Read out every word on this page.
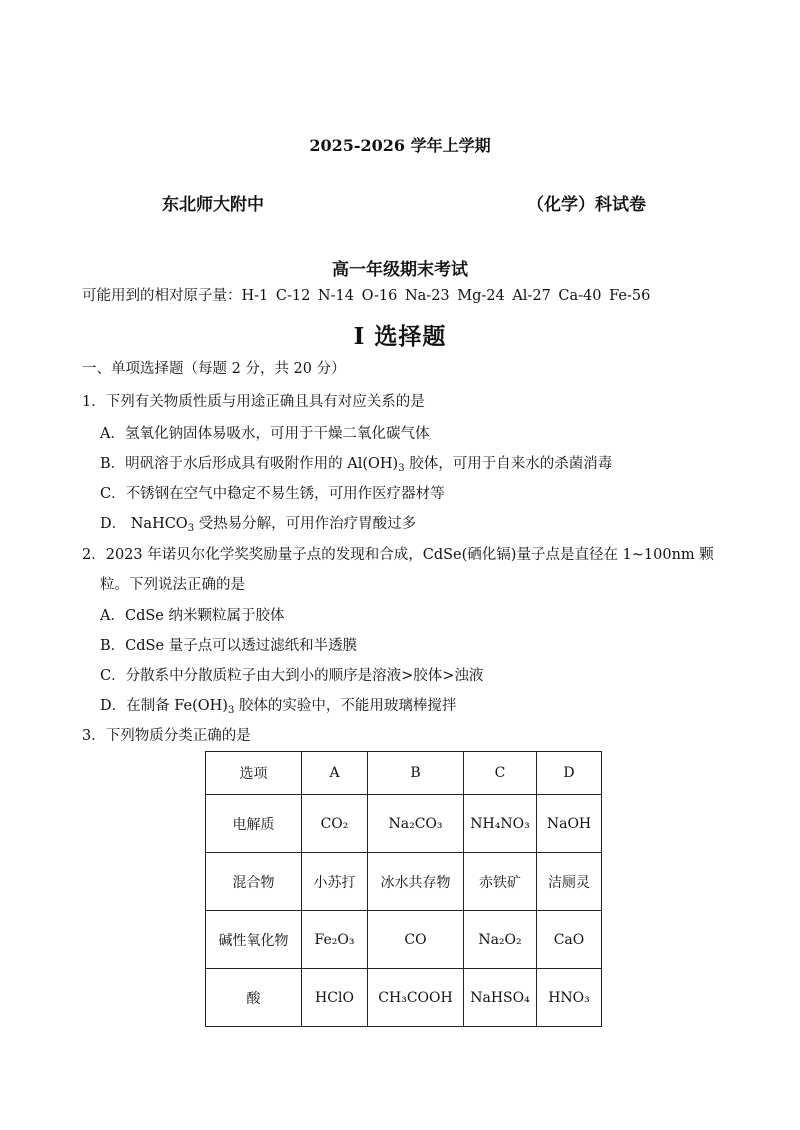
2025-2026 学年上学期
东北师大附中	（化学）科试卷
高一年级期末考试
可能用到的相对原子量：H-1 C-12 N-14 O-16 Na-23 Mg-24 Al-27 Ca-40 Fe-56
I 选择题
一、单项选择题（每题 2 分，共 20 分）
1．下列有关物质性质与用途正确且具有对应关系的是
A．氢氧化钠固体易吸水，可用于干燥二氧化碳气体
B．明矾溶于水后形成具有吸附作用的 $Al(OH)_3$ 胶体，可用于自来水的杀菌消毒
C．不锈钢在空气中稳定不易生锈，可用作医疗器材等
D． NaHCO$_3$ 受热易分解，可用作治疗胃酸过多
2．2023 年诺贝尔化学奖奖励量子点的发现和合成，CdSe(硒化镉)量子点是直径在 1~100nm 颗
粒。下列说法正确的是
A．CdSe 纳米颗粒属于胶体
B．CdSe 量子点可以透过滤纸和半透膜
C．分散系中分散质粒子由大到小的顺序是溶液>胶体>浊液
D．在制备 $Fe(OH)_3$ 胶体的实验中，不能用玻璃棒搅拌
3．下列物质分类正确的是
选项	A	B	C	D
电解质	CO₂	Na₂CO₃	NH₄NO₃	NaOH
混合物	小苏打	冰水共存物	赤铁矿	洁厕灵
碱性氧化物	Fe₂O₃	CO	Na₂O₂	CaO
酸	HClO	CH₃COOH	NaHSO₄	HNO₃
